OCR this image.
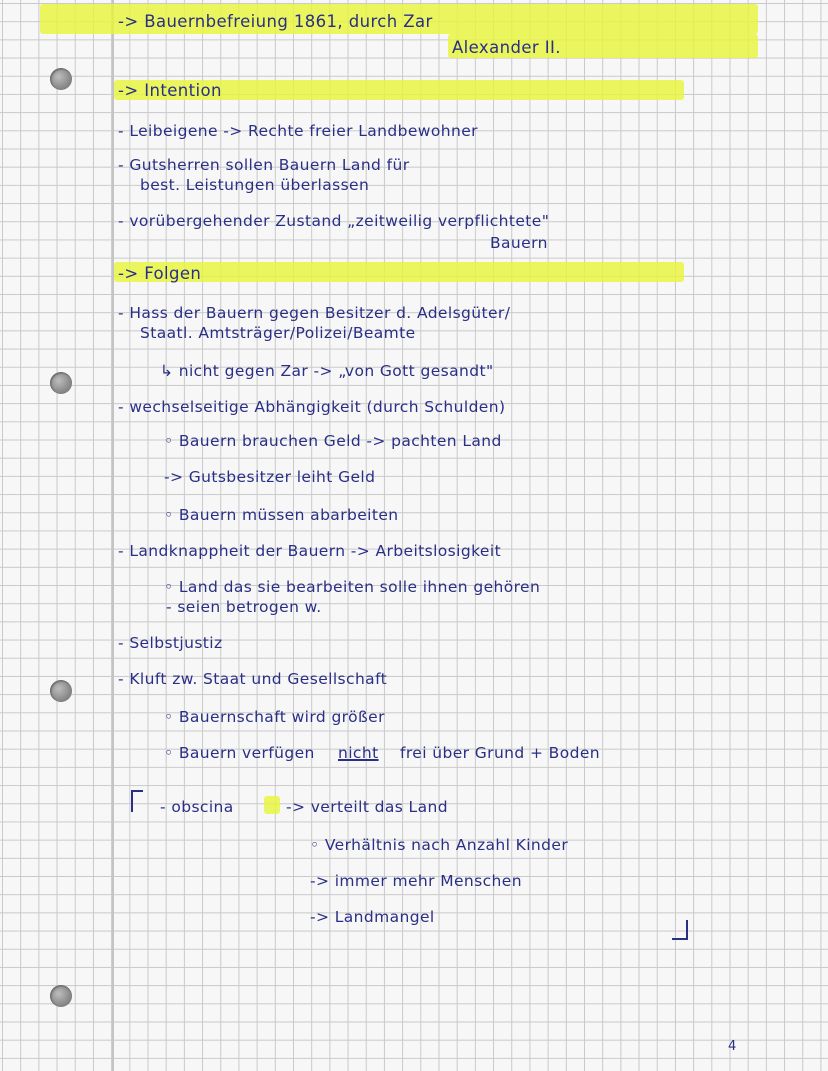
-> Bauernbefreiung 1861, durch Zar
Alexander II.
-> Intention
- Leibeigene -> Rechte freier Landbewohner
- Gutsherren sollen Bauern Land für
best. Leistungen überlassen
- vorübergehender Zustand „zeitweilig verpflichtete"
Bauern
-> Folgen
- Hass der Bauern gegen Besitzer d. Adelsgüter/
Staatl. Amtsträger/Polizei/Beamte
↳ nicht gegen Zar -> „von Gott gesandt"
- wechselseitige Abhängigkeit (durch Schulden)
◦ Bauern brauchen Geld -> pachten Land
-> Gutsbesitzer leiht Geld
◦ Bauern müssen abarbeiten
- Landknappheit der Bauern -> Arbeitslosigkeit
◦ Land das sie bearbeiten solle ihnen gehören
- seien betrogen w.
- Selbstjustiz
- Kluft zw. Staat und Gesellschaft
◦ Bauernschaft wird größer
◦ Bauern verfügen nicht frei über Grund + Boden
- obscina	-> verteilt das Land
◦ Verhältnis nach Anzahl Kinder
-> immer mehr Menschen
-> Landmangel
4
